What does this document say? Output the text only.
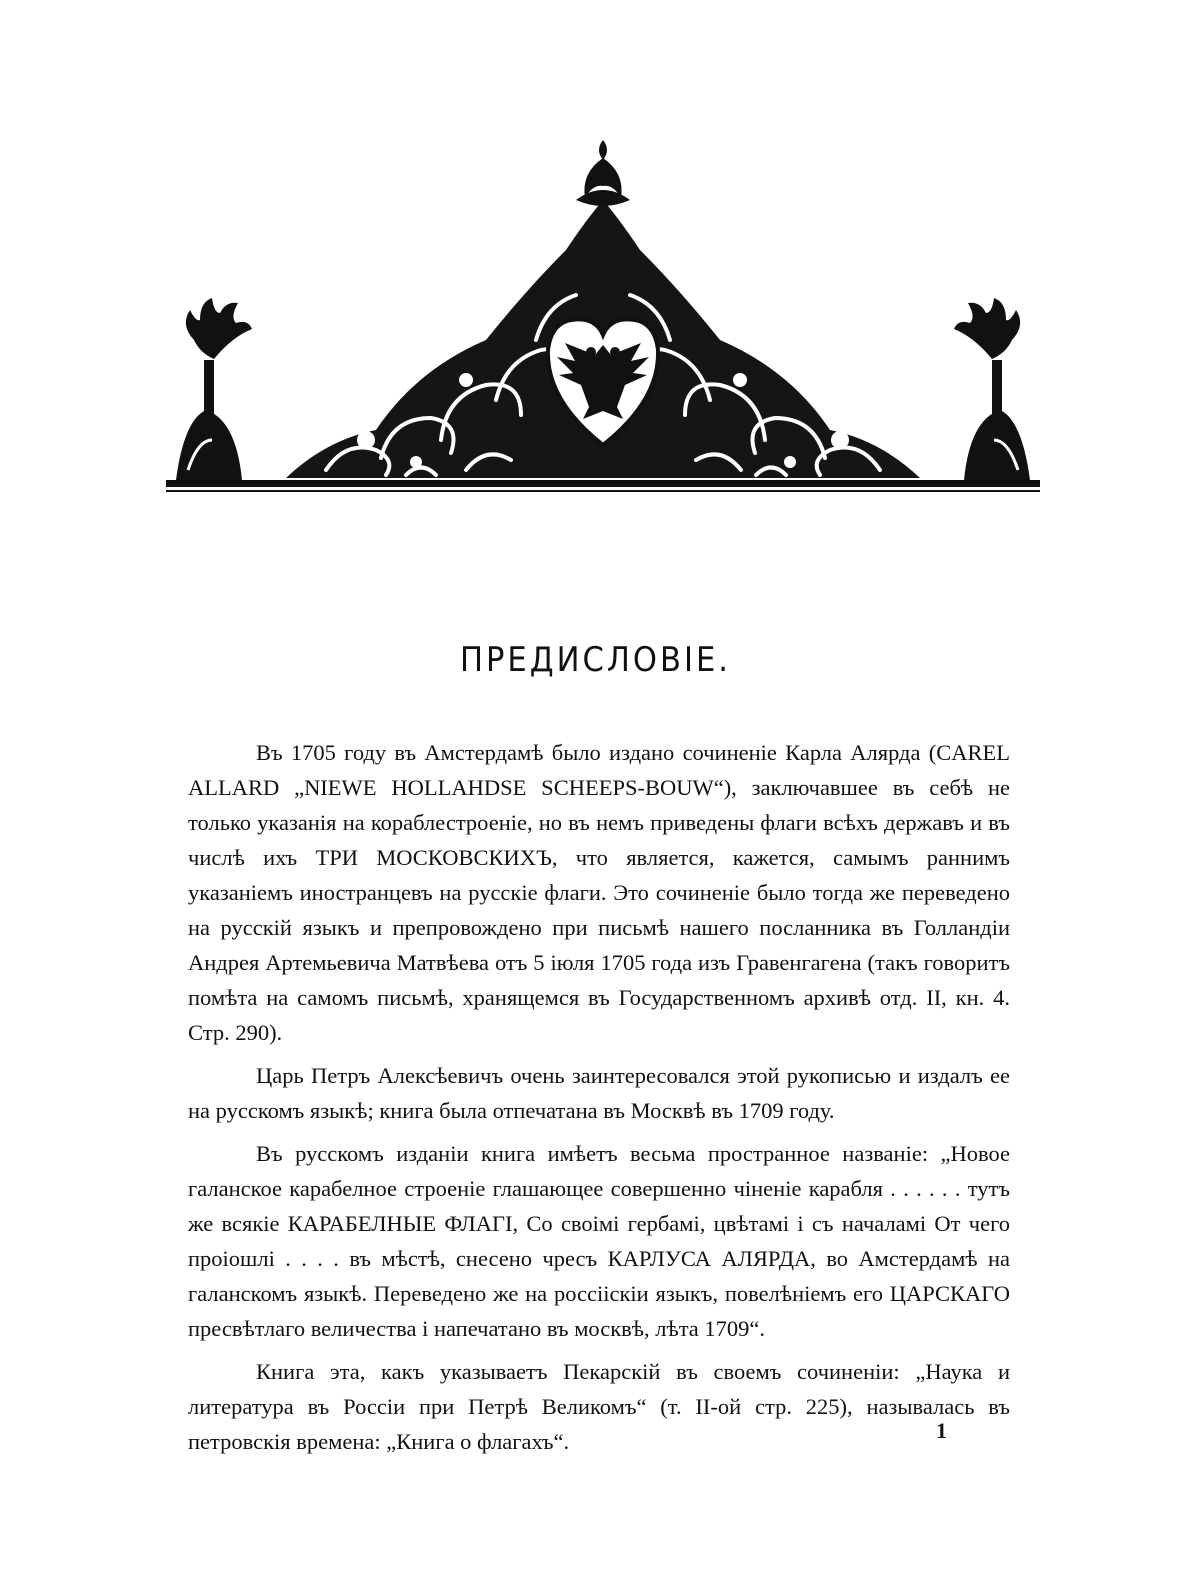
ПРЕДИСЛОВІЕ.

Въ 1705 году въ Амстердамѣ было издано сочиненіе Карла Алярда (CAREL ALLARD „NIEWE HOLLAHDSE SCHEEPS-BOUW“), заключавшее въ себѣ не только указанія на кораблестроеніе, но въ немъ приведены флаги всѣхъ державъ и въ числѣ ихъ ТРИ МОСКОВСКИХЪ, что является, кажется, самымъ раннимъ указаніемъ иностранцевъ на русскіе флаги. Это сочиненіе было тогда же переведено на русскій языкъ и препровождено при письмѣ нашего посланника въ Голландіи Андрея Артемьевича Матвѣева отъ 5 іюля 1705 года изъ Гравенгагена (такъ говоритъ помѣта на самомъ письмѣ, хранящемся въ Государственномъ архивѣ отд. II, кн. 4. Стр. 290).

Царь Петръ Алексѣевичъ очень заинтересовался этой рукописью и издалъ ее на русскомъ языкѣ; книга была отпечатана въ Москвѣ въ 1709 году.

Въ русскомъ изданіи книга имѣетъ весьма пространное названіе: „Новое галанское карабелное строеніе глашающее совершенно чіненіе карабля . . . . . . тутъ же всякіе КАРАБЕЛНЫЕ ФЛАГІ, Со своімі гербамі, цвѣтамі і съ началамі От чего проіошлі . . . . въ мѣстѣ, снесено чресъ КАРЛУСА АЛЯРДА, во Амстердамѣ на галанскомъ языкѣ. Переведено же на россіiскiи языкъ, повелѣніемъ его ЦАРСКАГО пресвѣтлаго величества і напечатано въ москвѣ, лѣта 1709“.

Книга эта, какъ указываетъ Пекарскій въ своемъ сочиненіи: „Наука и литература въ Россіи при Петрѣ Великомъ“ (т. II-ой стр. 225), называлась въ петровскія времена: „Книга о флагахъ“.	1
